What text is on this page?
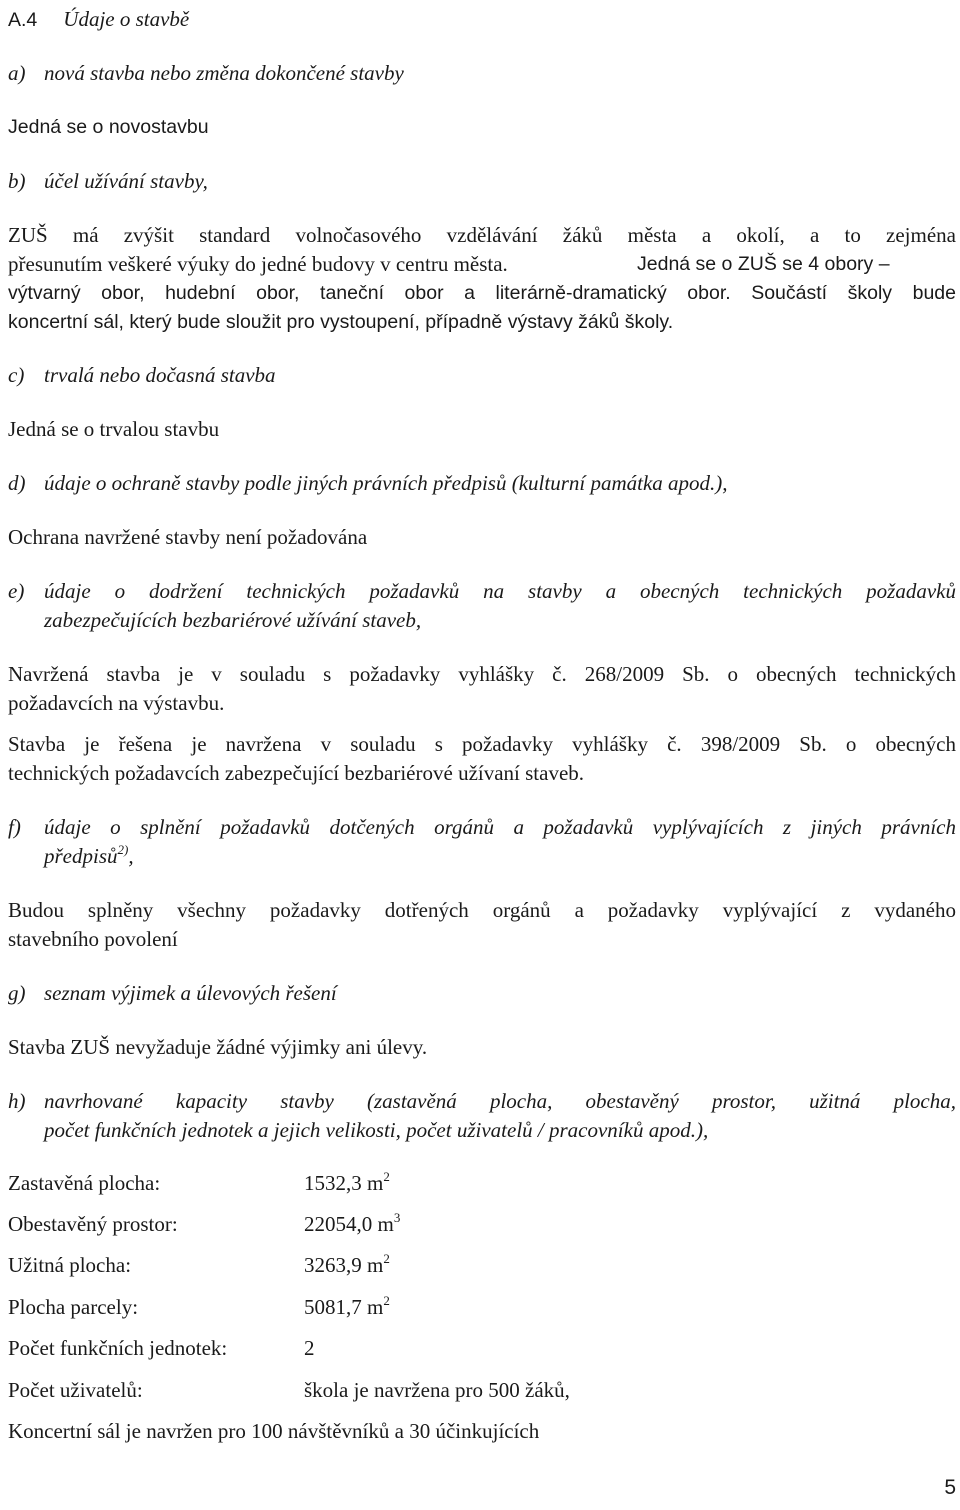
A.4 Údaje o stavbě
a) nová stavba nebo změna dokončené stavby
Jedná se o novostavbu
b) účel užívání stavby,
ZUŠ má zvýšit standard volnočasového vzdělávání žáků města a okolí, a to zejména
přesunutím veškeré výuky do jedné budovy v centru města.	Jedná se o ZUŠ se 4 obory –
výtvarný obor, hudební obor, taneční obor a literárně-dramatický obor. Součástí školy bude
koncertní sál, který bude sloužit pro vystoupení, případně výstavy žáků školy.
c) trvalá nebo dočasná stavba
Jedná se o trvalou stavbu
d) údaje o ochraně stavby podle jiných právních předpisů (kulturní památka apod.),
Ochrana navržené stavby není požadována
e) údaje o dodržení technických požadavků na stavby a obecných technických požadavků
zabezpečujících bezbariérové užívání staveb,
Navržená stavba je v souladu s požadavky vyhlášky č. 268/2009 Sb. o obecných technických
požadavcích na výstavbu.
Stavba je řešena je navržena v souladu s požadavky vyhlášky č. 398/2009 Sb. o obecných
technických požadavcích zabezpečující bezbariérové užívaní staveb.
f) údaje o splnění požadavků dotčených orgánů a požadavků vyplývajících z jiných právních
předpisů$^{2)}$,
Budou splněny všechny požadavky dotřených orgánů a požadavky vyplývající z vydaného
stavebního povolení
g) seznam výjimek a úlevových řešení
Stavba ZUŠ nevyžaduje žádné výjimky ani úlevy.
h) navrhované kapacity stavby (zastavěná plocha, obestavěný prostor, užitná plocha,
počet funkčních jednotek a jejich velikosti, počet uživatelů / pracovníků apod.),
Zastavěná plocha:	1532,3 $m^2$
Obestavěný prostor:	22054,0 $m^3$
Užitná plocha:	3263,9 $m^2$
Plocha parcely:	5081,7 $m^2$
Počet funkčních jednotek:	2
Počet uživatelů:	škola je navržena pro 500 žáků,
Koncertní sál je navržen pro 100 návštěvníků a 30 účinkujících
5
